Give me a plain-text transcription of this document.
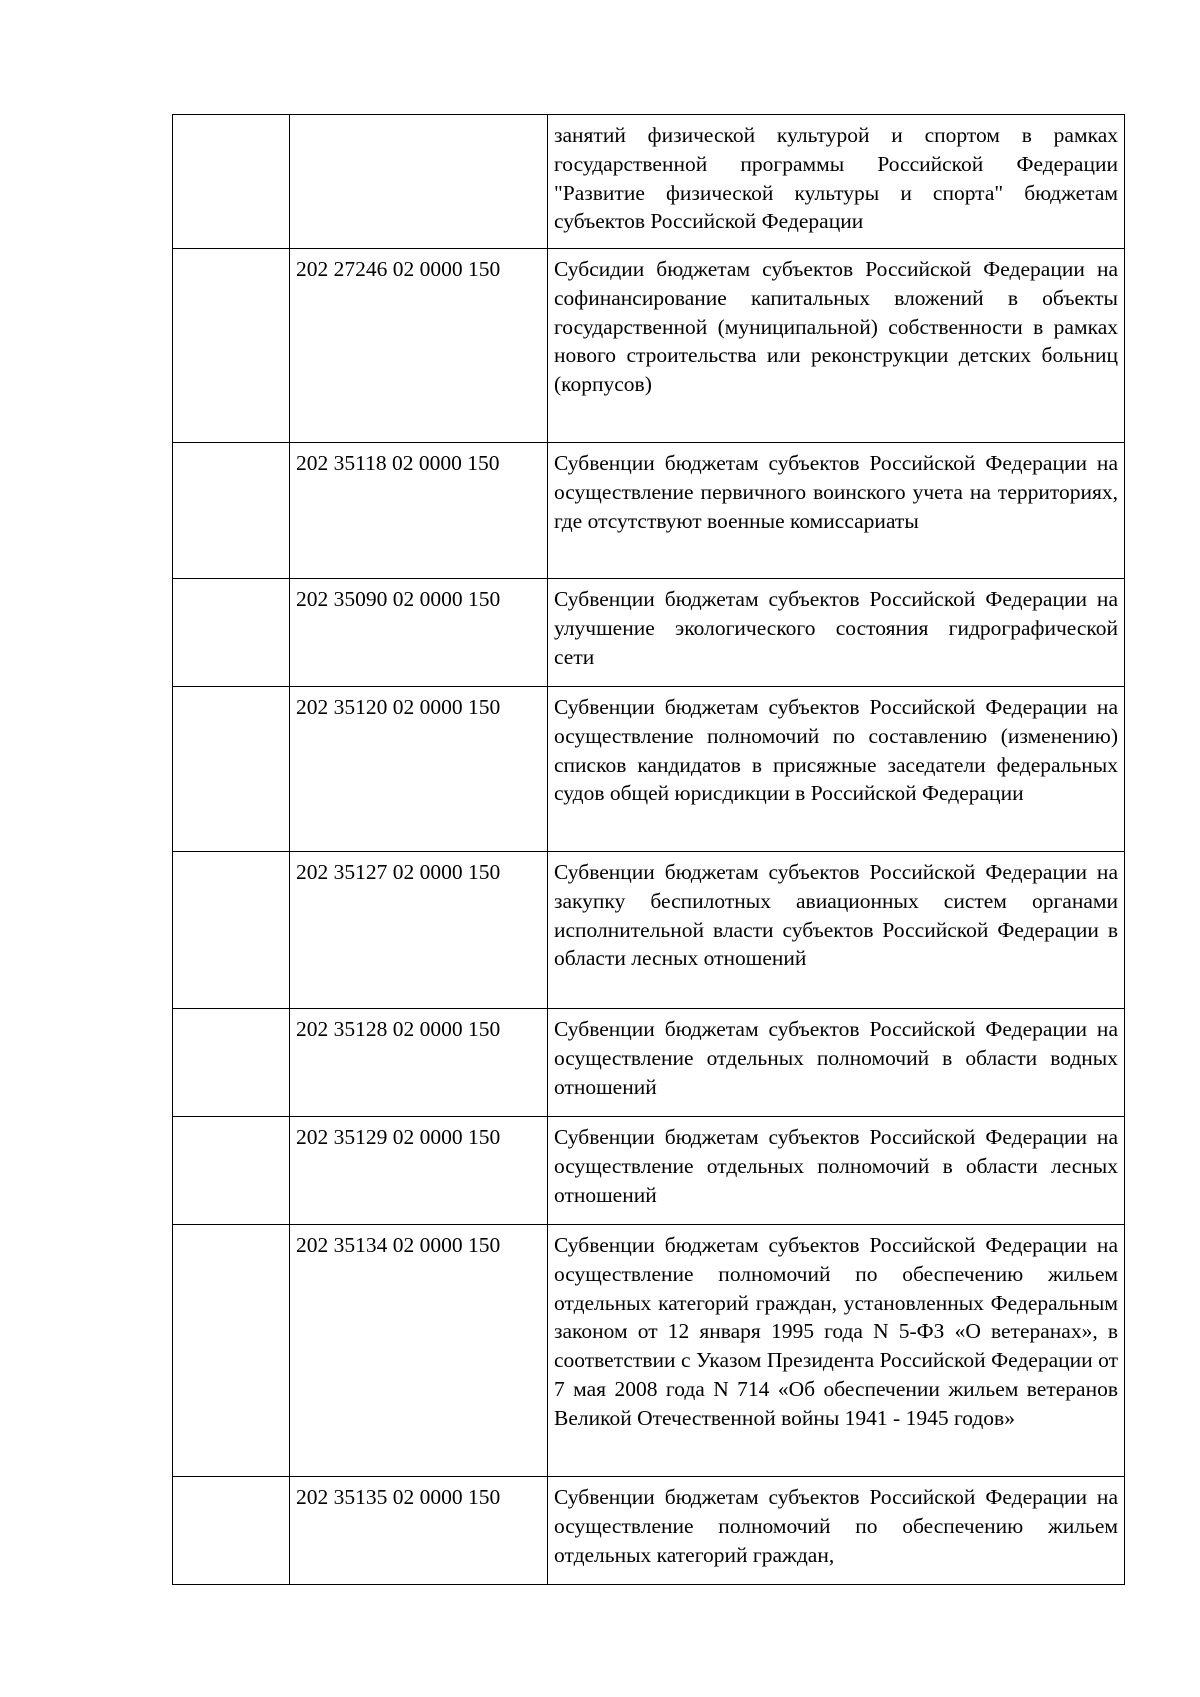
		занятий физической культурой и спортом в рамках государственной программы Российской Федерации "Развитие физической культуры и спорта" бюджетам субъектов Российской Федерации
	202 27246 02 0000 150	Субсидии бюджетам субъектов Российской Федерации на софинансирование капитальных вложений в объекты государственной (муниципальной) собственности в рамках нового строительства или реконструкции детских больниц (корпусов)
	202 35118 02 0000 150	Субвенции бюджетам субъектов Российской Федерации на осуществление первичного воинского учета на территориях, где отсутствуют военные комиссариаты
	202 35090 02 0000 150	Субвенции бюджетам субъектов Российской Федерации на улучшение экологического состояния гидрографической сети
	202 35120 02 0000 150	Субвенции бюджетам субъектов Российской Федерации на осуществление полномочий по составлению (изменению) списков кандидатов в присяжные заседатели федеральных судов общей юрисдикции в Российской Федерации
	202 35127 02 0000 150	Субвенции бюджетам субъектов Российской Федерации на закупку беспилотных авиационных систем органами исполнительной власти субъектов Российской Федерации в области лесных отношений
	202 35128 02 0000 150	Субвенции бюджетам субъектов Российской Федерации на осуществление отдельных полномочий в области водных отношений
	202 35129 02 0000 150	Субвенции бюджетам субъектов Российской Федерации на осуществление отдельных полномочий в области лесных отношений
	202 35134 02 0000 150	Субвенции бюджетам субъектов Российской Федерации на осуществление полномочий по обеспечению жильем отдельных категорий граждан, установленных Федеральным законом от 12 января 1995 года N 5-ФЗ «О ветеранах», в соответствии с Указом Президента Российской Федерации от 7 мая 2008 года N 714 «Об обеспечении жильем ветеранов Великой Отечественной войны 1941 - 1945 годов»
	202 35135 02 0000 150	Субвенции бюджетам субъектов Российской Федерации на осуществление полномочий по обеспечению жильем отдельных категорий граждан,
